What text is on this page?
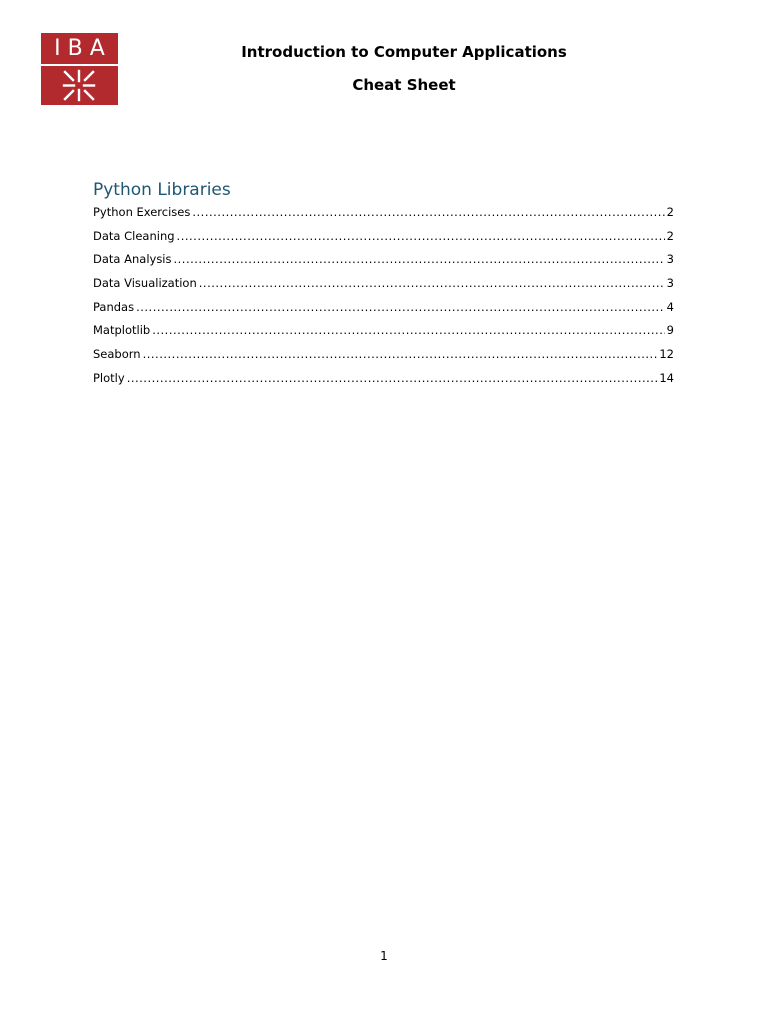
IBA	Introduction to Computer Applications
Cheat Sheet
Python Libraries
Python Exercises .....	2
Data Cleaning .....	2
Data Analysis .....	3
Data Visualization .....	3
Pandas .....	4
Matplotlib .....	9
Seaborn .....	12
Plotly .....	14
1
